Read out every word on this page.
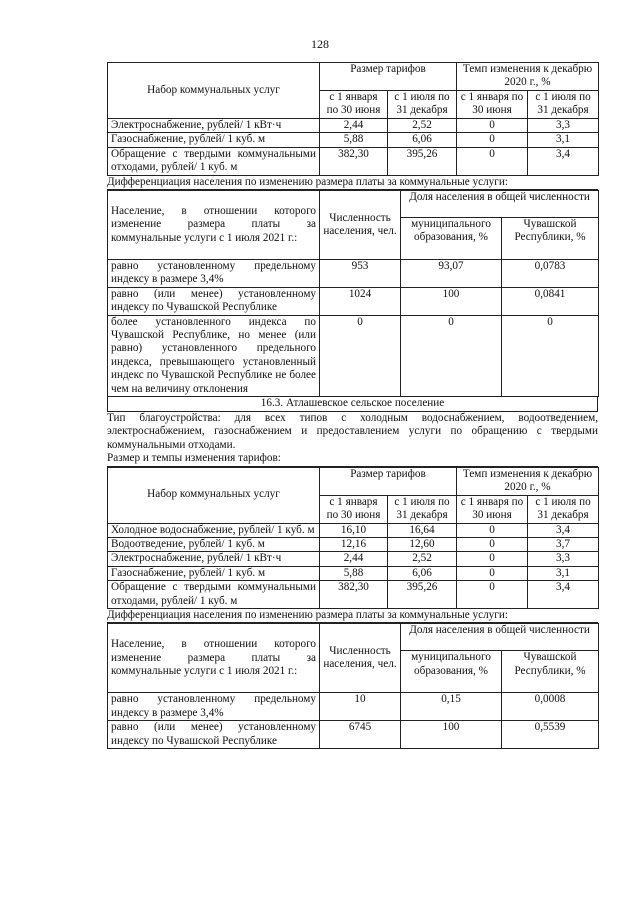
128
Набор коммунальных услуг	Размер тарифов		Темп изменения к декабрю 2020 г., %	
	с 1 января по 30 июня	с 1 июля по 31 декабря	с 1 января по 30 июня	с 1 июля по 31 декабря
Электроснабжение, рублей/ 1 кВт·ч	2,44	2,52	0	3,3
Газоснабжение, рублей/ 1 куб. м	5,88	6,06	0	3,1
Обращение с твердыми коммунальными отходами, рублей/ 1 куб. м	382,30	395,26	0	3,4
Дифференциация населения по изменению размера платы за коммунальные услуги:
Население, в отношении которого изменение размера платы за коммунальные услуги с 1 июля 2021 г.:	Численность населения, чел.	Доля населения в общей численности	
		муниципального образования, %	Чувашской Республики, %
равно установленному предельному индексу в размере 3,4%	953	93,07	0,0783
равно (или менее) установленному индексу по Чувашской Республике	1024	100	0,0841
более установленного индекса по Чувашской Республике, но менее (или равно) установленного предельного индекса, превышающего установленный индекс по Чувашской Республике не более чем на величину отклонения	0	0	0
16.3. Атлашевское сельское поселение
Тип благоустройства: для всех типов с холодным водоснабжением, водоотведением, электроснабжением, газоснабжением и предоставлением услуги по обращению с твердыми коммунальными отходами.
Размер и темпы изменения тарифов:
Набор коммунальных услуг	Размер тарифов		Темп изменения к декабрю 2020 г., %	
	с 1 января по 30 июня	с 1 июля по 31 декабря	с 1 января по 30 июня	с 1 июля по 31 декабря
Холодное водоснабжение, рублей/ 1 куб. м	16,10	16,64	0	3,4
Водоотведение, рублей/ 1 куб. м	12,16	12,60	0	3,7
Электроснабжение, рублей/ 1 кВт·ч	2,44	2,52	0	3,3
Газоснабжение, рублей/ 1 куб. м	5,88	6,06	0	3,1
Обращение с твердыми коммунальными отходами, рублей/ 1 куб. м	382,30	395,26	0	3,4
Дифференциация населения по изменению размера платы за коммунальные услуги:
Население, в отношении которого изменение размера платы за коммунальные услуги с 1 июля 2021 г.:	Численность населения, чел.	Доля населения в общей численности	
		муниципального образования, %	Чувашской Республики, %
равно установленному предельному индексу в размере 3,4%	10	0,15	0,0008
равно (или менее) установленному индексу по Чувашской Республике	6745	100	0,5539
